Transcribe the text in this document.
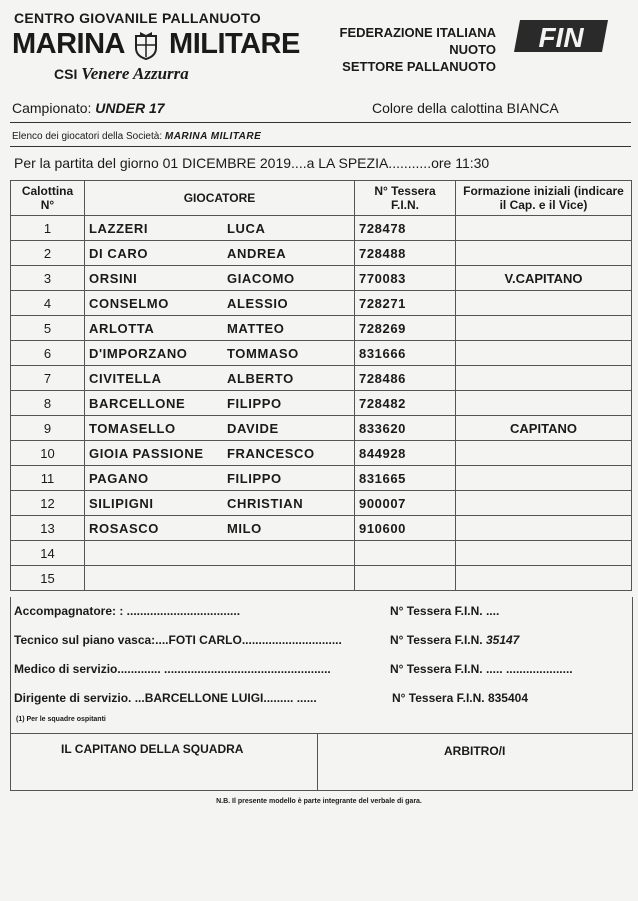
CENTRO GIOVANILE PALLANUOTO
MARINA MILITARE
CSI Venere Azzurra
FEDERAZIONE ITALIANA NUOTO
SETTORE PALLANUOTO
FIN
Campionato: UNDER 17	Colore della calottina BIANCA
Elenco dei giocatori della Società: MARINA MILITARE
Per la partita del giorno 01 DICEMBRE 2019....a LA SPEZIA...........ore 11:30
Calottina N°	GIOCATORE	N° Tessera F.I.N.	Formazione iniziali (indicare il Cap. e il Vice)
1	LAZZERI LUCA	728478	
2	DI CARO ANDREA	728488	
3	ORSINI GIACOMO	770083	V.CAPITANO
4	CONSELMO ALESSIO	728271	
5	ARLOTTA MATTEO	728269	
6	D'IMPORZANO TOMMASO	831666	
7	CIVITELLA ALBERTO	728486	
8	BARCELLONE FILIPPO	728482	
9	TOMASELLO DAVIDE	833620	CAPITANO
10	GIOIA PASSIONE FRANCESCO	844928	
11	PAGANO FILIPPO	831665	
12	SILIPIGNI CHRISTIAN	900007	
13	ROSASCO MILO	910600	
14			
15			
Accompagnatore: : ..................................	N° Tessera F.I.N. ....
Tecnico sul piano vasca:....FOTI CARLO..............................	N° Tessera F.I.N. 35147
Medico di servizio............. ..................................................	N° Tessera F.I.N. ..... ....................
Dirigente di servizio. ...BARCELLONE LUIGI......... ......	N° Tessera F.I.N. 835404
(1) Per le squadre ospitanti
IL CAPITANO DELLA SQUADRA	ARBITRO/I
N.B. Il presente modello è parte integrante del verbale di gara.
